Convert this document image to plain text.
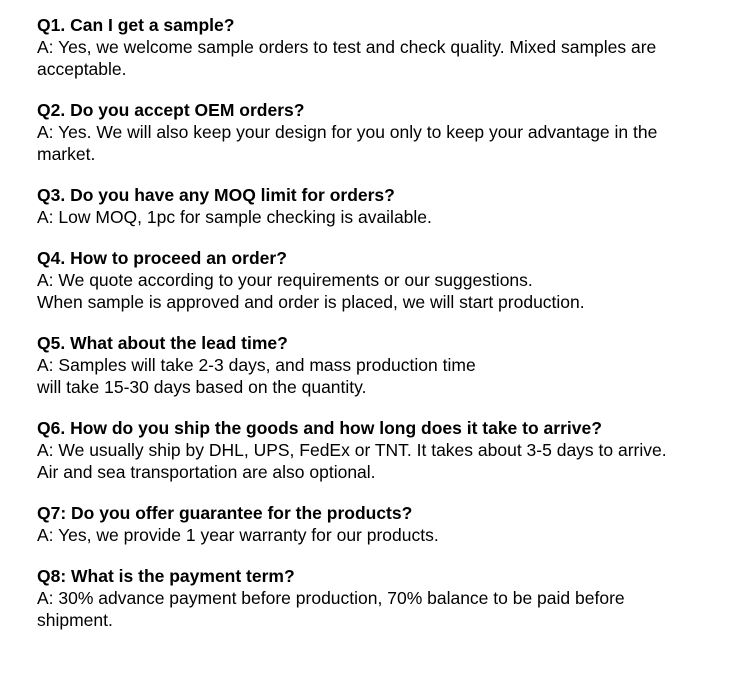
Q1. Can I get a sample?

A: Yes, we welcome sample orders to test and check quality. Mixed samples are
acceptable.

Q2. Do you accept OEM orders?

A: Yes. We will also keep your design for you only to keep your advantage in the
market.

Q3. Do you have any MOQ limit for orders?

A: Low MOQ, 1pc for sample checking is available.

Q4. How to proceed an order?

A: We quote according to your requirements or our suggestions.
When sample is approved and order is placed, we will start production.

Q5. What about the lead time?

A: Samples will take 2-3 days, and mass production time
will take 15-30 days based on the quantity.

Q6. How do you ship the goods and how long does it take to arrive?

A: We usually ship by DHL, UPS, FedEx or TNT. It takes about 3-5 days to arrive.
Air and sea transportation are also optional.

Q7: Do you offer guarantee for the products?

A: Yes, we provide 1 year warranty for our products.

Q8: What is the payment term?

A: 30% advance payment before production, 70% balance to be paid before
shipment.
